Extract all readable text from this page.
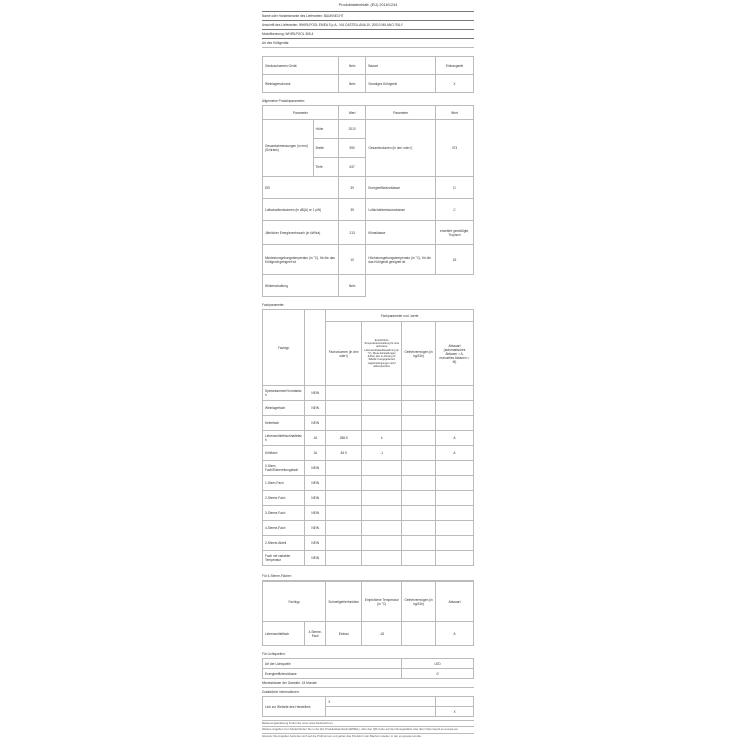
Produktdatenblatt: (EU) 2016/1244
Name oder Handelsmarke des Lieferanten: BAUKNECHT
Anschrift des Lieferanten: WHIRLPOOL EMEA S.p.A., VIA CASTELLANA 10, 20010 MILANO ITALY
Modellkennung: WHIRLPOOL 365-4
Art des Kühlgeräts:
Geräuscharmes Gerät	Nein	Bauart	Einbaugerät
Weinlagerschrank	Nein	Sonstiges Kühlgerät	X
Allgemeine Produktparameter:
Parameter		Wert	Parameter	Wert
Gesamtabmessungen (in mm) (Schrank)	Höhe	2010	Gesamtvolumen (in dm³ oder l)	373
	Breite	590		
	Tiefe	637		
EEI		39	Energieeffizienzklasse	D
Luftschallemissionen (in dB(A) re 1 pW)		35	Luftschallemissionsklasse	C
Jährlicher Energieverbrauch (in kWh/a)		213	Klimaklasse	erweitert gemäßigte, Tropisch
Mindestumgebungstemperatur (in °C), für die das Kühlgerät geeignet ist		10	Höchstumgebungstemperatur (in °C), für die das Kühlgerät geeignet ist	43
Winterschaltung		Nein		
Fachparameter:
Fachtyp		Fachparameter und -werte			
		Fachvolumen (in dm³ oder l)	Empfohlene Temperatureinstellung für eine optimierte Lebensmittelaufbewahrung (in °C). Diese Einstellungen dürfen den in Anhang IV Tabelle 3 angegebenen Lagerbedingungen nicht widersprechen	Gefriervermögen (in kg/24h)	Abtauart (automatisches Abtauen = A, manuelles Abtauen = M)
Speisekammer/Vorratsfach	NEIN				
Weinlagerfach	NEIN				
Kellerfach	NEIN				
Lebensmittelfrischhaltefach	JA	288.5	4		A
Kühlfach	JA	84.9	-1		A
0-Stern-Fach/Eisbereitungsfach	NEIN				
1-Stern-Fach	NEIN				
2-Sterne-Fach	NEIN				
3-Sterne-Fach	NEIN				
4-Sterne-Fach	NEIN				
2-Sterne-Abteil	NEIN				
Fach mit variabler Temperatur	NEIN				
Für 4-Sterne-Fächer:
Fachtyp		Schnellgefrierfunktion	Empfohlene Temperatur (in °C)	Gefriervermögen (in kg/24h)	Abtauart
Lebensmittelfach	4-Sterne-Fach	Einbau	-18		A
Für Lichtquellen:
Art der Lichtquelle	LED
Energieeffizienzklasse	G
Mindestdauer der Garantie: 24 Monate
Zusätzliche Informationen:
Link zur Website des Herstellers	X	
		X
Bedienungsanleitung finden Sie unter www.bauknecht.eu
Weitere Angaben zum Modell finden Sie in der EU-Produktdatenbank (EPREL), über den QR-Code auf dem Energielabel oder über https://eprel.ec.europa.eu/
Hinweis: Die Angaben beziehen sich auf die Prüfnormen und geben das Produkt in der Bauform wieder, in der es getestet wurde.
